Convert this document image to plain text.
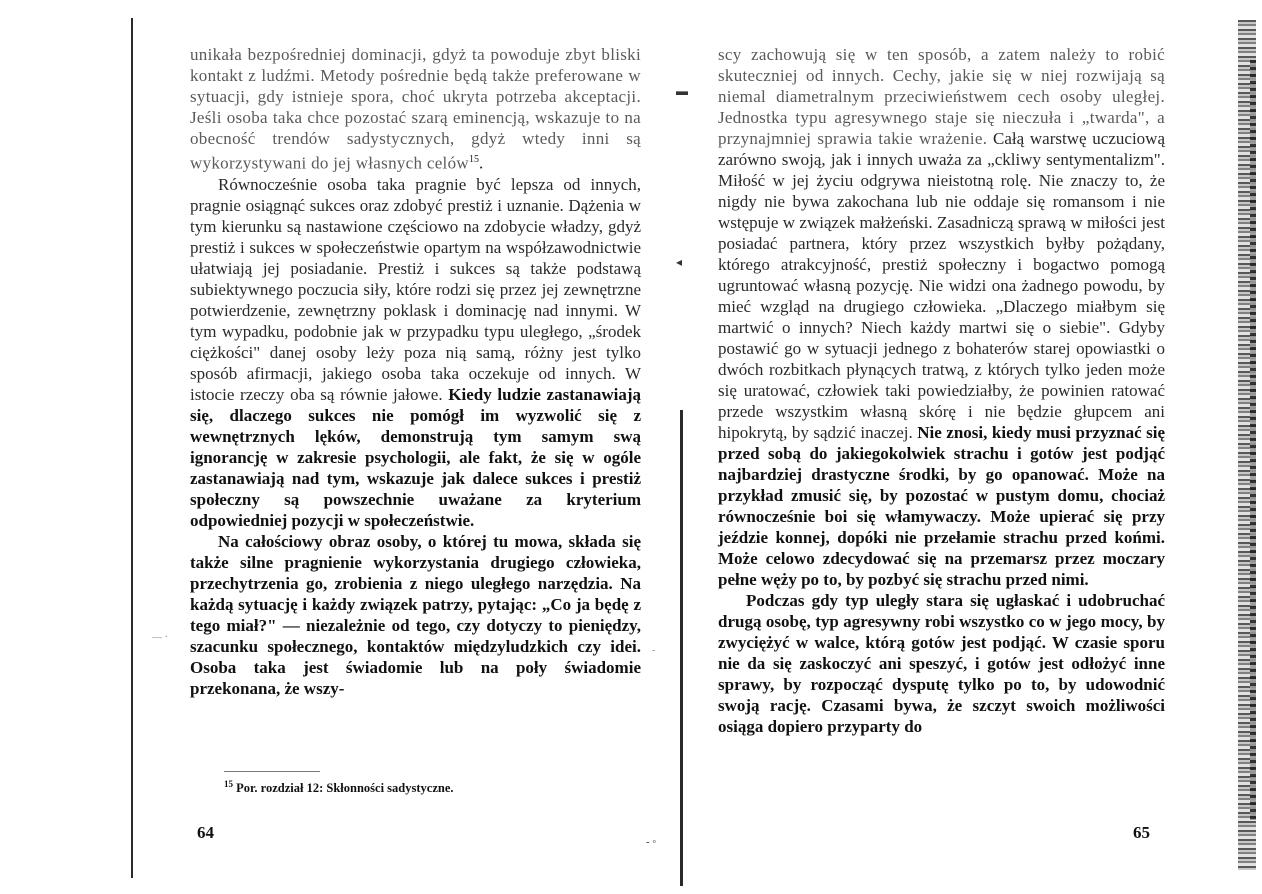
▬
◂
- ◦
— ·
-

unikała bezpośredniej dominacji, gdyż ta powoduje zbyt bliski kontakt z ludźmi. Metody pośrednie będą także preferowane w sytuacji, gdy istnieje spora, choć ukryta potrzeba akceptacji. Jeśli osoba taka chce pozostać szarą eminencją, wskazuje to na obecność trendów sadystycznych, gdyż wtedy inni są wykorzystywani do jej własnych celów$^{15}$.

Równocześnie osoba taka pragnie być lepsza od innych, pragnie osiągnąć sukces oraz zdobyć prestiż i uznanie. Dążenia w tym kierunku są nastawione częściowo na zdobycie władzy, gdyż prestiż i sukces w społeczeństwie opartym na współzawodnictwie ułatwiają jej posiadanie. Prestiż i sukces są także podstawą subiektywnego poczucia siły, które rodzi się przez jej zewnętrzne potwierdzenie, zewnętrzny poklask i dominację nad innymi. W tym wypadku, podobnie jak w przypadku typu uległego, „środek ciężkości" danej osoby leży poza nią samą, różny jest tylko sposób afirmacji, jakiego osoba taka oczekuje od innych. W istocie rzeczy oba są równie jałowe. Kiedy ludzie zastanawiają się, dlaczego sukces nie pomógł im wyzwolić się z wewnętrznych lęków, demonstrują tym samym swą ignorancję w zakresie psychologii, ale fakt, że się w ogóle zastanawiają nad tym, wskazuje jak dalece sukces i prestiż społeczny są powszechnie uważane za kryterium odpowiedniej pozycji w społeczeństwie.

Na całościowy obraz osoby, o której tu mowa, składa się także silne pragnienie wykorzystania drugiego człowieka, przechytrzenia go, zrobienia z niego uległego narzędzia. Na każdą sytuację i każdy związek patrzy, pytając: „Co ja będę z tego miał?" — niezależnie od tego, czy dotyczy to pieniędzy, szacunku społecznego, kontaktów międzyludzkich czy idei. Osoba taka jest świadomie lub na poły świadomie przekonana, że wszy-

$^{15}$ Por. rozdział 12: Skłonności sadystyczne.
64

scy zachowują się w ten sposób, a zatem należy to robić skuteczniej od innych. Cechy, jakie się w niej rozwijają są niemal diametralnym przeciwieństwem cech osoby uległej. Jednostka typu agresywnego staje się nieczuła i „twarda", a przynajmniej sprawia takie wrażenie. Całą warstwę uczuciową zarówno swoją, jak i innych uważa za „ckliwy sentymentalizm". Miłość w jej życiu odgrywa nieistotną rolę. Nie znaczy to, że nigdy nie bywa zakochana lub nie oddaje się romansom i nie wstępuje w związek małżeński. Zasadniczą sprawą w miłości jest posiadać partnera, który przez wszystkich byłby pożądany, którego atrakcyjność, prestiż społeczny i bogactwo pomogą ugruntować własną pozycję. Nie widzi ona żadnego powodu, by mieć wzgląd na drugiego człowieka. „Dlaczego miałbym się martwić o innych? Niech każdy martwi się o siebie". Gdyby postawić go w sytuacji jednego z bohaterów starej opowiastki o dwóch rozbitkach płynących tratwą, z których tylko jeden może się uratować, człowiek taki powiedziałby, że powinien ratować przede wszystkim własną skórę i nie będzie głupcem ani hipokrytą, by sądzić inaczej. Nie znosi, kiedy musi przyznać się przed sobą do jakiegokolwiek strachu i gotów jest podjąć najbardziej drastyczne środki, by go opanować. Może na przykład zmusić się, by pozostać w pustym domu, chociaż równocześnie boi się włamywaczy. Może upierać się przy jeździe konnej, dopóki nie przełamie strachu przed końmi. Może celowo zdecydować się na przemarsz przez moczary pełne węży po to, by pozbyć się strachu przed nimi.

Podczas gdy typ uległy stara się ugłaskać i udobruchać drugą osobę, typ agresywny robi wszystko co w jego mocy, by zwyciężyć w walce, którą gotów jest podjąć. W czasie sporu nie da się zaskoczyć ani speszyć, i gotów jest odłożyć inne sprawy, by rozpocząć dysputę tylko po to, by udowodnić swoją rację. Czasami bywa, że szczyt swoich możliwości osiąga dopiero przyparty do

65
